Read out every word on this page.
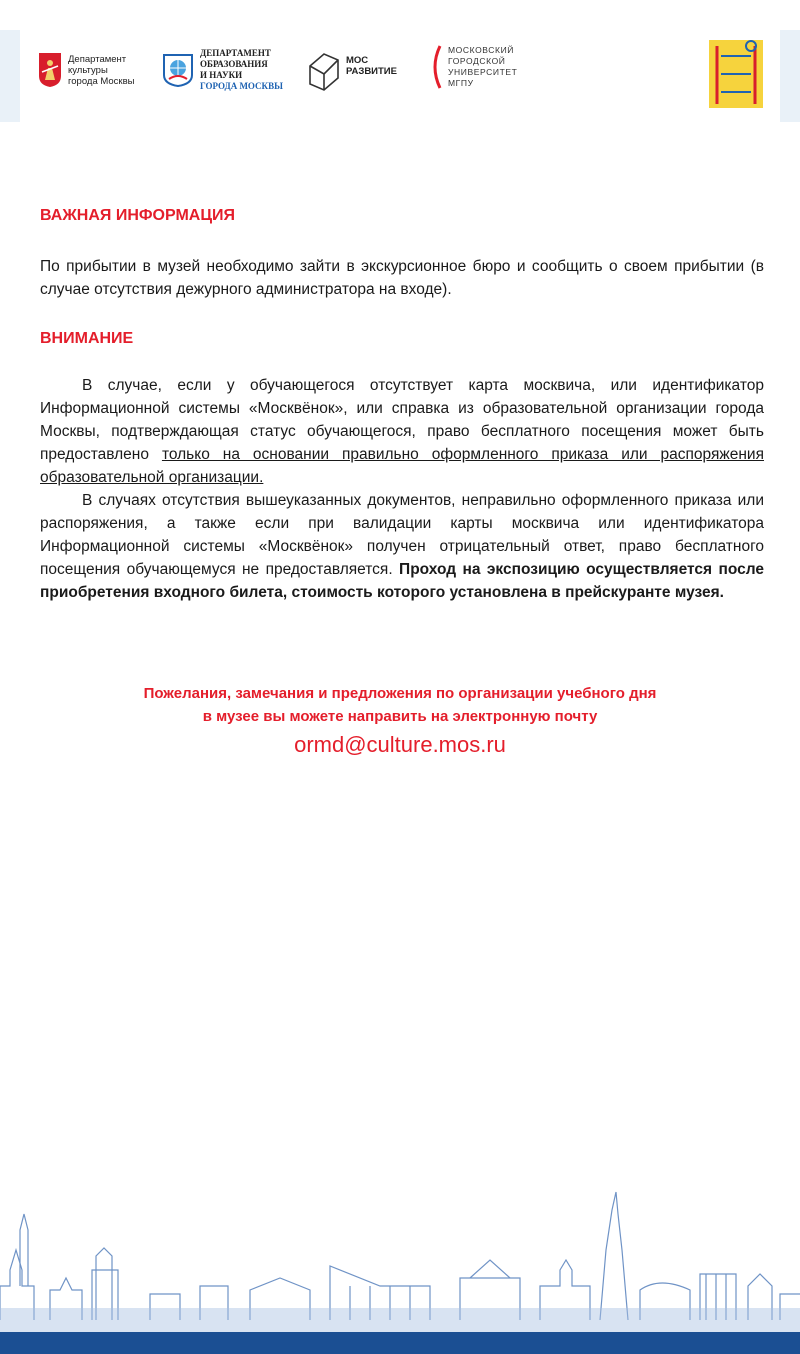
Департамент
культуры
города Москвы
ДЕПАРТАМЕНТ
ОБРАЗОВАНИЯ
И НАУКИ
ГОРОДА МОСКВЫ
МОС
РАЗВИТИЕ
МОСКОВСКИЙ
ГОРОДСКОЙ
УНИВЕРСИТЕТ
МГПУ
ВАЖНАЯ ИНФОРМАЦИЯ

По прибытии в музей необходимо зайти в экскурсионное бюро и сообщить о своем прибытии (в случае отсутствия дежурного администратора на входе).

ВНИМАНИЕ

В случае, если у обучающегося отсутствует карта москвича, или идентификатор Информационной системы «Москвёнок», или справка из образовательной организации города Москвы, подтверждающая статус обучающегося, право бесплатного посещения может быть предоставлено только на основании правильно оформленного приказа или распоряжения образовательной организации.

В случаях отсутствия вышеуказанных документов, неправильно оформленного приказа или распоряжения, а также если при валидации карты москвича или идентификатора Информационной системы «Москвёнок» получен отрицательный ответ, право бесплатного посещения обучающемуся не предоставляется. Проход на экспозицию осуществляется после приобретения входного билета, стоимость которого установлена в прейскуранте музея.

Пожелания, замечания и предложения по организации учебного дня
в музее вы можете направить на электронную почту
ormd@culture.mos.ru
